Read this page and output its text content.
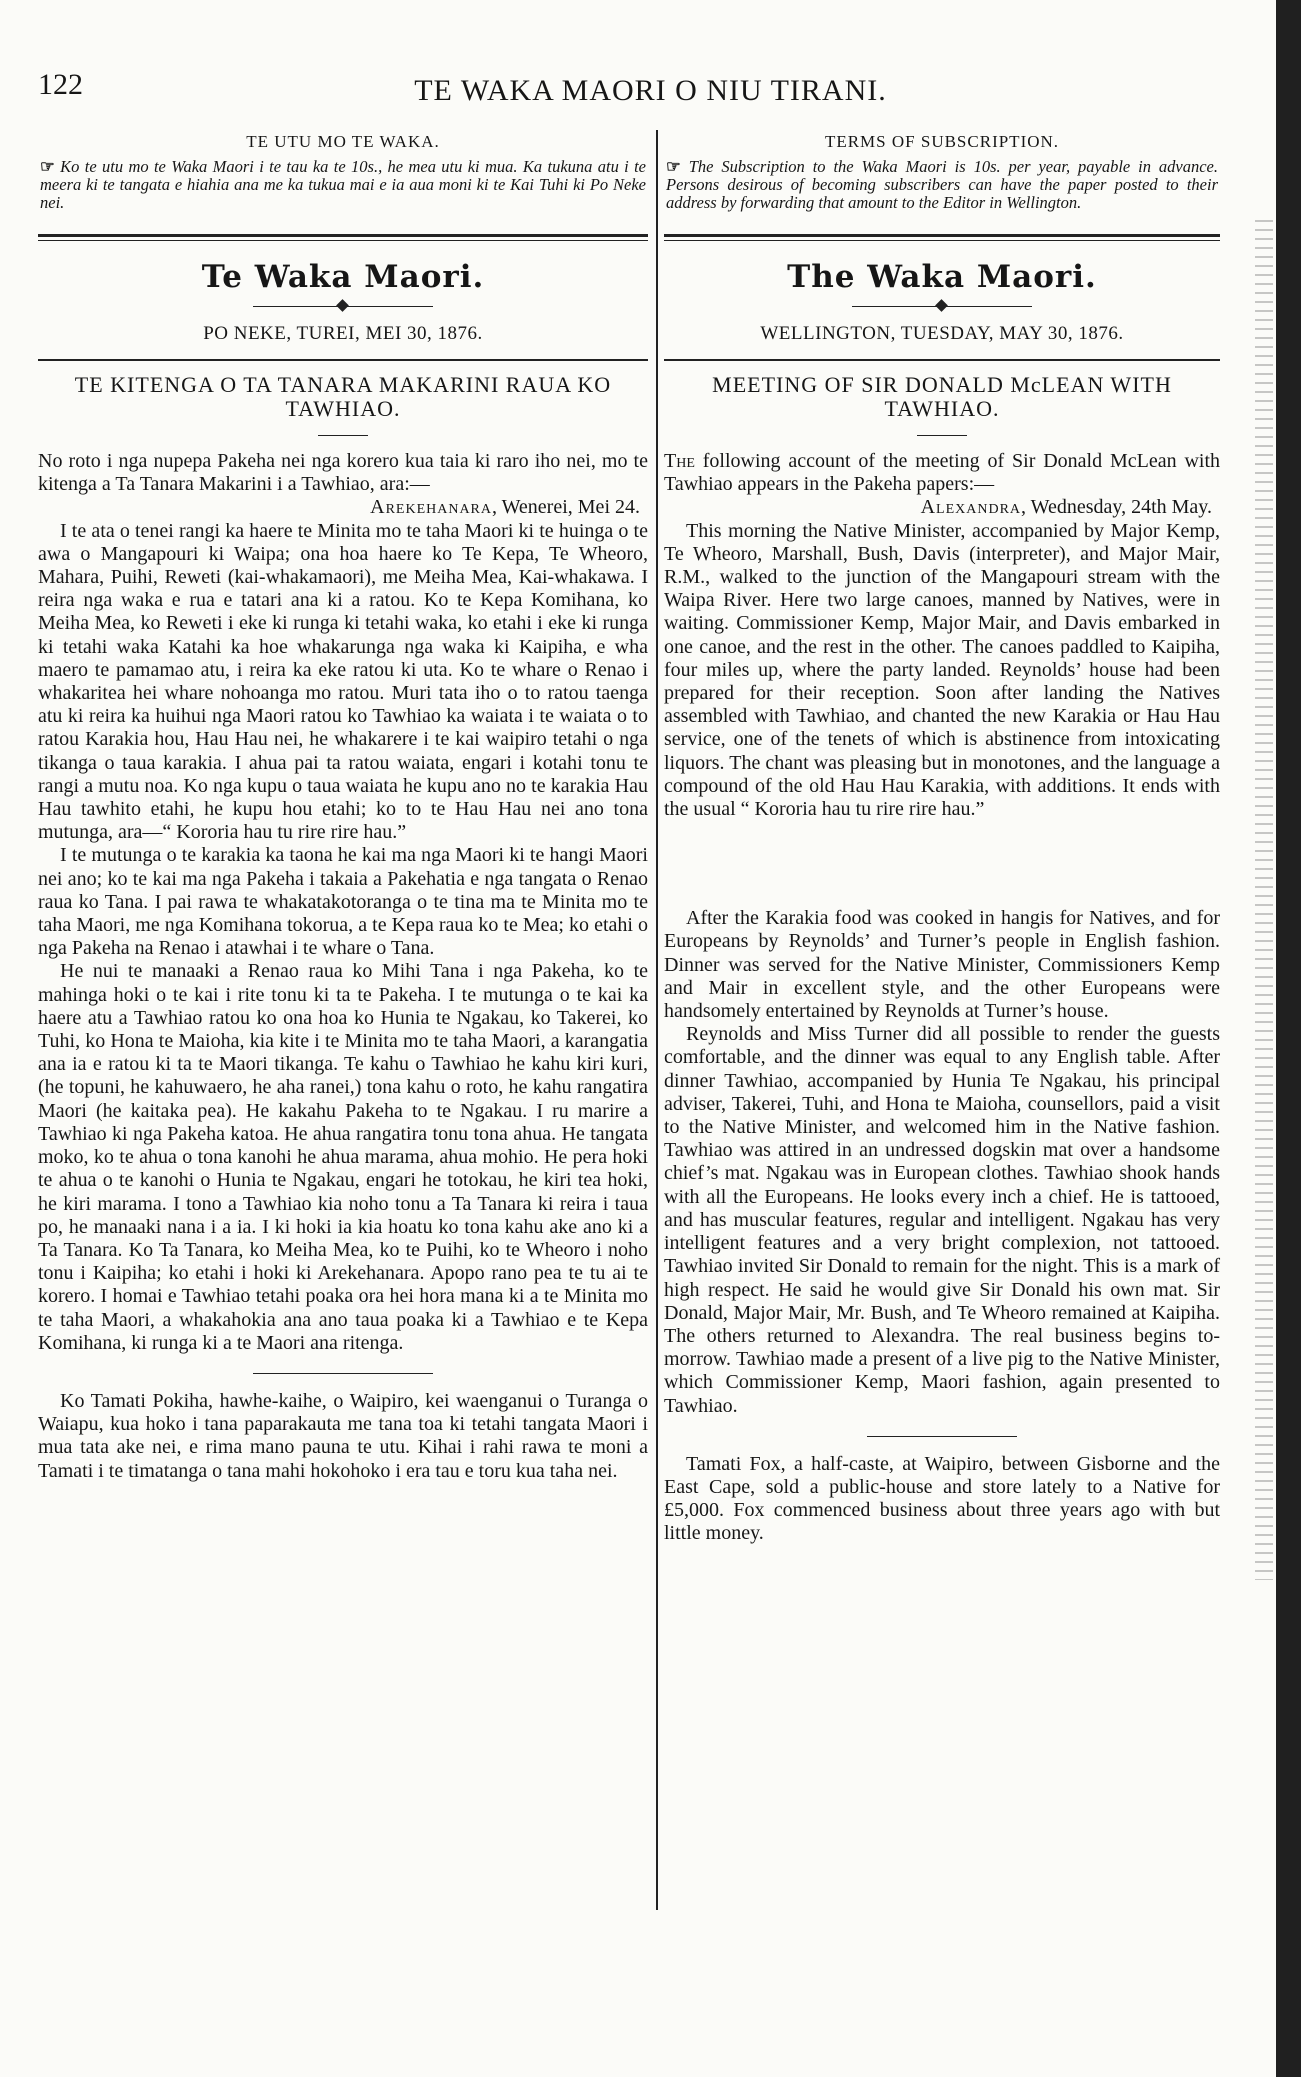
122	TE WAKA MAORI O NIU TIRANI.
TE UTU MO TE WAKA.
☞ Ko te utu mo te Waka Maori i te tau ka te 10s., he mea utu ki mua. Ka tukuna atu i te meera ki te tangata e hiahia ana me ka tukua mai e ia aua moni ki te Kai Tuhi ki Po Neke nei.
Te Waka Maori.
PO NEKE, TUREI, MEI 30, 1876.
TE KITENGA O TA TANARA MAKARINI RAUA KO TAWHIAO.

No roto i nga nupepa Pakeha nei nga korero kua taia ki raro iho nei, mo te kitenga a Ta Tanara Makarini i a Tawhiao, ara:—

Arekehanara, Wenerei, Mei 24.

I te ata o tenei rangi ka haere te Minita mo te taha Maori ki te huinga o te awa o Mangapouri ki Waipa; ona hoa haere ko Te Kepa, Te Wheoro, Mahara, Puihi, Reweti (kai-whakamaori), me Meiha Mea, Kai-whakawa. I reira nga waka e rua e tatari ana ki a ratou. Ko te Kepa Komihana, ko Meiha Mea, ko Reweti i eke ki runga ki tetahi waka, ko etahi i eke ki runga ki tetahi waka Katahi ka hoe whakarunga nga waka ki Kaipiha, e wha maero te pamamao atu, i reira ka eke ratou ki uta. Ko te whare o Renao i whakaritea hei whare nohoanga mo ratou. Muri tata iho o to ratou taenga atu ki reira ka huihui nga Maori ratou ko Tawhiao ka waiata i te waiata o to ratou Karakia hou, Hau Hau nei, he whakarere i te kai waipiro tetahi o nga tikanga o taua karakia. I ahua pai ta ratou waiata, engari i kotahi tonu te rangi a mutu noa. Ko nga kupu o taua waiata he kupu ano no te karakia Hau Hau tawhito etahi, he kupu hou etahi; ko to te Hau Hau nei ano tona mutunga, ara—“ Kororia hau tu rire rire hau.”

I te mutunga o te karakia ka taona he kai ma nga Maori ki te hangi Maori nei ano; ko te kai ma nga Pakeha i takaia a Pakehatia e nga tangata o Renao raua ko Tana. I pai rawa te whakatakotoranga o te tina ma te Minita mo te taha Maori, me nga Komihana tokorua, a te Kepa raua ko te Mea; ko etahi o nga Pakeha na Renao i atawhai i te whare o Tana.

He nui te manaaki a Renao raua ko Mihi Tana i nga Pakeha, ko te mahinga hoki o te kai i rite tonu ki ta te Pakeha. I te mutunga o te kai ka haere atu a Tawhiao ratou ko ona hoa ko Hunia te Ngakau, ko Takerei, ko Tuhi, ko Hona te Maioha, kia kite i te Minita mo te taha Maori, a karangatia ana ia e ratou ki ta te Maori tikanga. Te kahu o Tawhiao he kahu kiri kuri, (he topuni, he kahuwaero, he aha ranei,) tona kahu o roto, he kahu rangatira Maori (he kaitaka pea). He kakahu Pakeha to te Ngakau. I ru marire a Tawhiao ki nga Pakeha katoa. He ahua rangatira tonu tona ahua. He tangata moko, ko te ahua o tona kanohi he ahua marama, ahua mohio. He pera hoki te ahua o te kanohi o Hunia te Ngakau, engari he totokau, he kiri tea hoki, he kiri marama. I tono a Tawhiao kia noho tonu a Ta Tanara ki reira i taua po, he manaaki nana i a ia. I ki hoki ia kia hoatu ko tona kahu ake ano ki a Ta Tanara. Ko Ta Tanara, ko Meiha Mea, ko te Puihi, ko te Wheoro i noho tonu i Kaipiha; ko etahi i hoki ki Arekehanara. Apopo rano pea te tu ai te korero. I homai e Tawhiao tetahi poaka ora hei hora mana ki a te Minita mo te taha Maori, a whakahokia ana ano taua poaka ki a Tawhiao e te Kepa Komihana, ki runga ki a te Maori ana ritenga.

Ko Tamati Pokiha, hawhe-kaihe, o Waipiro, kei waenganui o Turanga o Waiapu, kua hoko i tana paparakauta me tana toa ki tetahi tangata Maori i mua tata ake nei, e rima mano pauna te utu. Kihai i rahi rawa te moni a Tamati i te timatanga o tana mahi hokohoko i era tau e toru kua taha nei.

TERMS OF SUBSCRIPTION.
☞ The Subscription to the Waka Maori is 10s. per year, payable in advance. Persons desirous of becoming subscribers can have the paper posted to their address by forwarding that amount to the Editor in Wellington.
The Waka Maori.
WELLINGTON, TUESDAY, MAY 30, 1876.
MEETING OF SIR DONALD McLEAN WITH TAWHIAO.

The following account of the meeting of Sir Donald McLean with Tawhiao appears in the Pakeha papers:—

Alexandra, Wednesday, 24th May.

This morning the Native Minister, accompanied by Major Kemp, Te Wheoro, Marshall, Bush, Davis (interpreter), and Major Mair, R.M., walked to the junction of the Mangapouri stream with the Waipa River. Here two large canoes, manned by Natives, were in waiting. Commissioner Kemp, Major Mair, and Davis embarked in one canoe, and the rest in the other. The canoes paddled to Kaipiha, four miles up, where the party landed. Reynolds’ house had been prepared for their reception. Soon after landing the Natives assembled with Tawhiao, and chanted the new Karakia or Hau Hau service, one of the tenets of which is abstinence from intoxicating liquors. The chant was pleasing but in monotones, and the language a compound of the old Hau Hau Karakia, with additions. It ends with the usual “ Kororia hau tu rire rire hau.”

After the Karakia food was cooked in hangis for Natives, and for Europeans by Reynolds’ and Turner’s people in English fashion. Dinner was served for the Native Minister, Commissioners Kemp and Mair in excellent style, and the other Europeans were handsomely entertained by Reynolds at Turner’s house.

Reynolds and Miss Turner did all possible to render the guests comfortable, and the dinner was equal to any English table. After dinner Tawhiao, accompanied by Hunia Te Ngakau, his principal adviser, Takerei, Tuhi, and Hona te Maioha, counsellors, paid a visit to the Native Minister, and welcomed him in the Native fashion. Tawhiao was attired in an undressed dogskin mat over a handsome chief’s mat. Ngakau was in European clothes. Tawhiao shook hands with all the Europeans. He looks every inch a chief. He is tattooed, and has muscular features, regular and intelligent. Ngakau has very intelligent features and a very bright complexion, not tattooed. Tawhiao invited Sir Donald to remain for the night. This is a mark of high respect. He said he would give Sir Donald his own mat. Sir Donald, Major Mair, Mr. Bush, and Te Wheoro remained at Kaipiha. The others returned to Alexandra. The real business begins to-morrow. Tawhiao made a present of a live pig to the Native Minister, which Commissioner Kemp, Maori fashion, again presented to Tawhiao.

Tamati Fox, a half-caste, at Waipiro, between Gisborne and the East Cape, sold a public-house and store lately to a Native for £5,000. Fox commenced business about three years ago with but little money.
